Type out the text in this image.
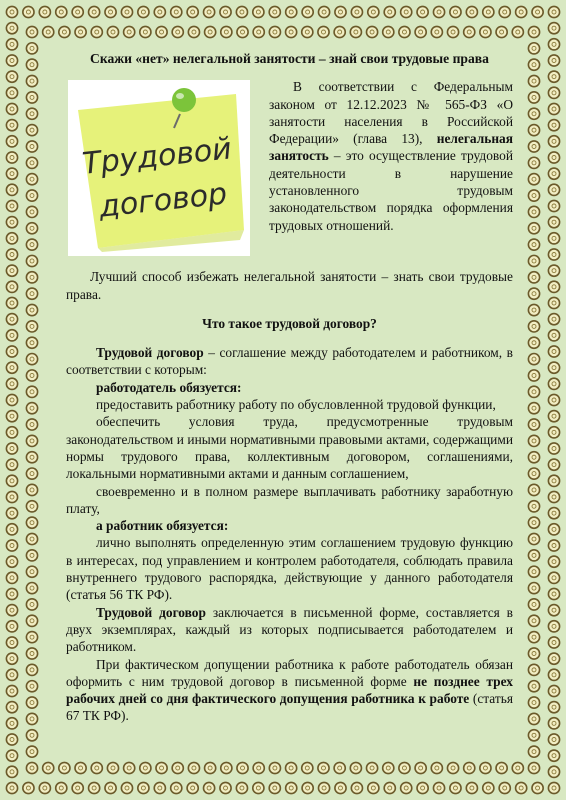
Скажи «нет» нелегальной занятости – знай свои трудовые права
Трудовой
договор

В соответствии с Федеральным законом от 12.12.2023 № 565-ФЗ «О занятости населения в Российской Федерации» (глава 13), нелегальная занятость – это осуществление трудовой деятельности в нарушение установленного трудовым законодательством порядка оформления трудовых отношений.

Лучший способ избежать нелегальной занятости – знать свои трудовые права.

Что такое трудовой договор?

Трудовой договор – соглашение между работодателем и работником, в соответствии с которым:

работодатель обязуется:

предоставить работнику работу по обусловленной трудовой функции,

обеспечить условия труда, предусмотренные трудовым законодательством и иными нормативными правовыми актами, содержащими нормы трудового права, коллективным договором, соглашениями, локальными нормативными актами и данным соглашением,

своевременно и в полном размере выплачивать работнику заработную плату,

а работник обязуется:

лично выполнять определенную этим соглашением трудовую функцию в интересах, под управлением и контролем работодателя, соблюдать правила внутреннего трудового распорядка, действующие у данного работодателя (статья 56 ТК РФ).

Трудовой договор заключается в письменной форме, составляется в двух экземплярах, каждый из которых подписывается работодателем и работником.

При фактическом допущении работника к работе работодатель обязан оформить с ним трудовой договор в письменной форме не позднее трех рабочих дней со дня фактического допущения работника к работе (статья 67 ТК РФ).
